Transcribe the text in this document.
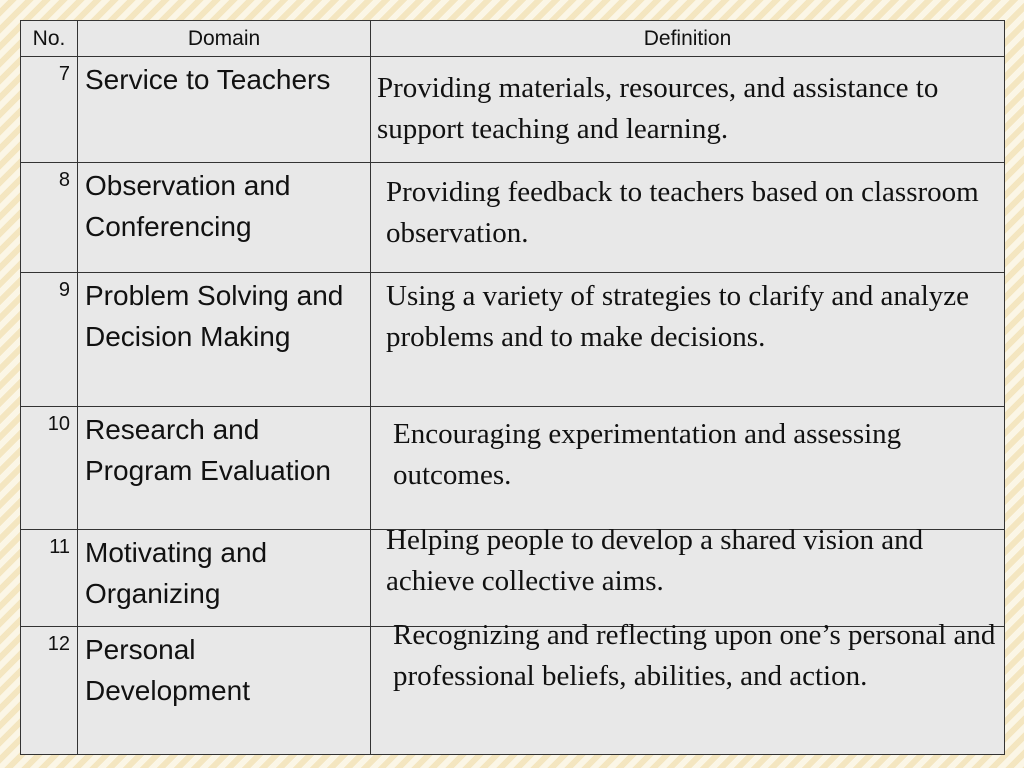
No.	Domain	Definition
7	Service to Teachers	Providing materials, resources, and assistance to support teaching and learning.

8	Observation and Conferencing	Providing feedback to teachers based on classroom observation.

9	Problem Solving and Decision Making	Using a variety of strategies to clarify and analyze problems and to make decisions.

10	Research and Program Evaluation	Encouraging experimentation and assessing outcomes.

11	Motivating and Organizing	Helping people to develop a shared vision and achieve collective aims.

12	Personal Development	Recognizing and reflecting upon one’s personal and professional beliefs, abilities, and action.
